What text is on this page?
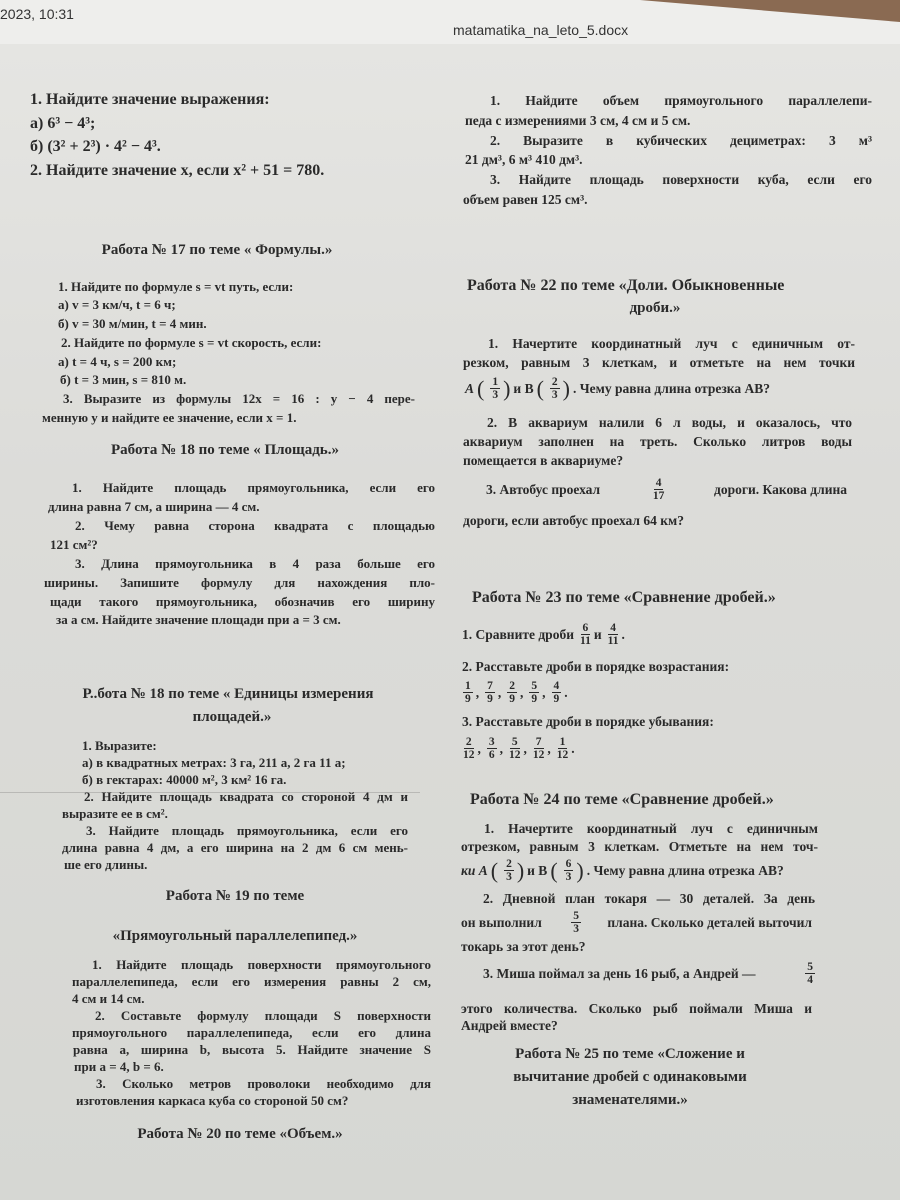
2023, 10:31
matamatika_na_leto_5.docx
1. Найдите значение выражения:
а) 6³ − 4³;
б) (3² + 2³) · 4² − 4³.
2. Найдите значение x, если x² + 51 = 780.
Работа № 17 по теме « Формулы.»
1. Найдите по формуле s = vt путь, если:
а) v = 3 км/ч, t = 6 ч;
б) v = 30 м/мин, t = 4 мин.
2. Найдите по формуле s = vt скорость, если:
а) t = 4 ч, s = 200 км;
б) t = 3 мин, s = 810 м.
3. Выразите из формулы 12x = 16 : y − 4 пере-
менную y и найдите ее значение, если x = 1.
Работа № 18 по теме « Площадь.»
1. Найдите площадь прямоугольника, если его
длина равна 7 см, а ширина — 4 см.
2. Чему равна сторона квадрата с площадью
121 см²?
3. Длина прямоугольника в 4 раза больше его
ширины. Запишите формулу для нахождения пло-
щади такого прямоугольника, обозначив его ширину
за a см. Найдите значение площади при a = 3 см.
Р..бота № 18 по теме « Единицы измерения
площадей.»
1. Выразите:
а) в квадратных метрах: 3 га, 211 а, 2 га 11 а;
б) в гектарах: 40000 м², 3 км² 16 га.
2. Найдите площадь квадрата со стороной 4 дм и
выразите ее в см².
3. Найдите площадь прямоугольника, если его
длина равна 4 дм, а его ширина на 2 дм 6 см мень-
ше его длины.
Работа № 19 по теме
«Прямоугольный параллелепипед.»
1. Найдите площадь поверхности прямоугольного
параллелепипеда, если его измерения равны 2 см,
4 см и 14 см.
2. Составьте формулу площади S поверхности
прямоугольного параллелепипеда, если его длина
равна a, ширина b, высота 5. Найдите значение S
при a = 4, b = 6.
3. Сколько метров проволоки необходимо для
изготовления каркаса куба со стороной 50 см?
Работа № 20 по теме «Объем.»
1. Найдите объем прямоугольного параллелепи-
педа с измерениями 3 см, 4 см и 5 см.
2. Выразите в кубических дециметрах: 3 м³
21 дм³, 6 м³ 410 дм³.
3. Найдите площадь поверхности куба, если его
объем равен 125 см³.
Работа № 22 по теме «Доли. Обыкновенные
дроби.»
1. Начертите координатный луч с единичным от-
резком, равным 3 клеткам, и отметьте на нем точки
A ( $\frac{1}{3}$ ) и B ( $\frac{2}{3}$ ) . Чему равна длина отрезка AB?
2. В аквариум налили 6 л воды, и оказалось, что
аквариум заполнен на треть. Сколько литров воды
помещается в аквариуме?
3. Автобус проехал	$\frac{4}{17}$	дороги. Какова длина
дороги, если автобус проехал 64 км?
Работа № 23 по теме «Сравнение дробей.»
1. Сравните дроби $\frac{6}{11}$ и $\frac{4}{11}$ .
2. Расставьте дроби в порядке возрастания:
$\frac{1}{9}$ , $\frac{7}{9}$ , $\frac{2}{9}$ , $\frac{5}{9}$ , $\frac{4}{9}$ .
3. Расставьте дроби в порядке убывания:
$\frac{2}{12}$ , $\frac{3}{6}$ , $\frac{5}{12}$ , $\frac{7}{12}$ , $\frac{1}{12}$ .
Работа № 24 по теме «Сравнение дробей.»
1. Начертите координатный луч с единичным
отрезком, равным 3 клеткам. Отметьте на нем точ-
ки A ( $\frac{2}{3}$ ) и B ( $\frac{6}{3}$ ) . Чему равна длина отрезка AB?
2. Дневной план токаря — 30 деталей. За день
он выполнил	$\frac{5}{3}$ плана. Сколько деталей выточил
токарь за этот день?
3. Миша поймал за день 16 рыб, а Андрей —	$\frac{5}{4}$
этого количества. Сколько рыб поймали Миша и
Андрей вместе?
Работа № 25 по теме «Сложение и
вычитание дробей с одинаковыми
знаменателями.»
